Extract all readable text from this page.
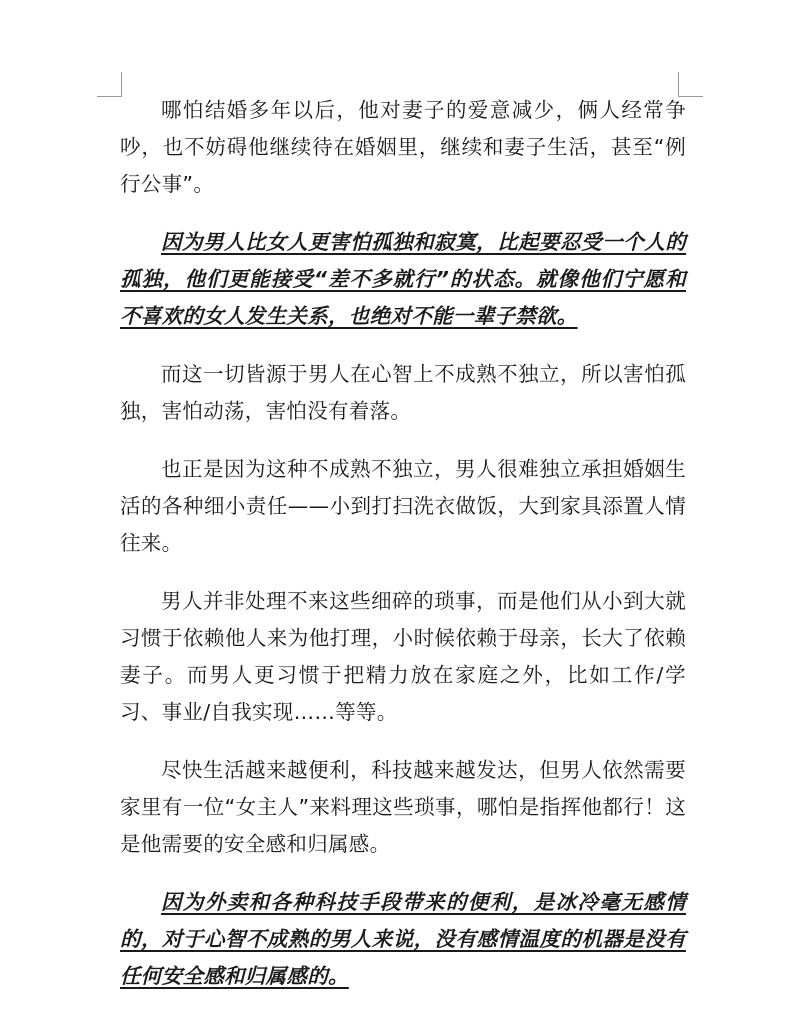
哪怕结婚多年以后，他对妻子的爱意减少，俩人经常争吵，也不妨碍他继续待在婚姻里，继续和妻子生活，甚至“例行公事”。

因为男人比女人更害怕孤独和寂寞，比起要忍受一个人的孤独，他们更能接受“差不多就行”的状态。就像他们宁愿和不喜欢的女人发生关系，也绝对不能一辈子禁欲。

而这一切皆源于男人在心智上不成熟不独立，所以害怕孤独，害怕动荡，害怕没有着落。

也正是因为这种不成熟不独立，男人很难独立承担婚姻生活的各种细小责任——小到打扫洗衣做饭，大到家具添置人情往来。

男人并非处理不来这些细碎的琐事，而是他们从小到大就习惯于依赖他人来为他打理，小时候依赖于母亲，长大了依赖妻子。而男人更习惯于把精力放在家庭之外，比如工作/学习、事业/自我实现……等等。

尽快生活越来越便利，科技越来越发达，但男人依然需要家里有一位“女主人”来料理这些琐事，哪怕是指挥他都行！这是他需要的安全感和归属感。

因为外卖和各种科技手段带来的便利，是冰冷毫无感情的，对于心智不成熟的男人来说，没有感情温度的机器是没有任何安全感和归属感的。
